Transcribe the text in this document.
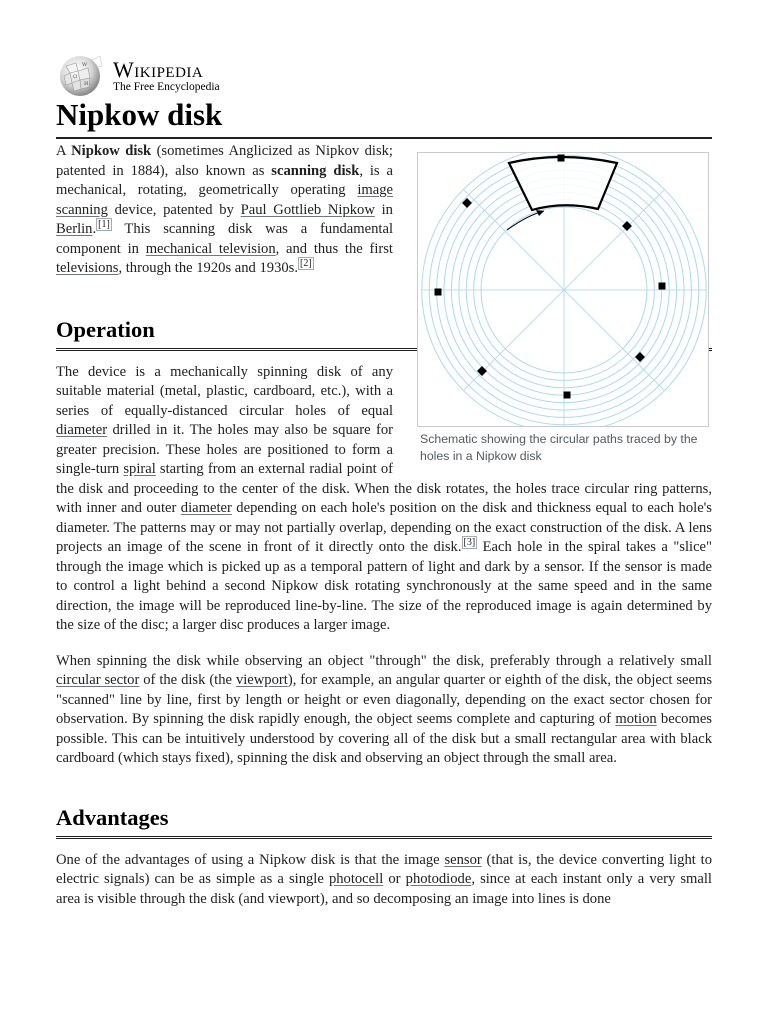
W
Ω
И
Wikipedia
The Free Encyclopedia
Nipkow disk
Schematic showing the circular paths traced by the holes in a Nipkow disk

A Nipkow disk (sometimes Anglicized as Nipkov disk; patented in 1884), also known as scanning disk, is a mechanical, rotating, geometrically operating image scanning device, patented by Paul Gottlieb Nipkow in Berlin. [1] This scanning disk was a fundamental component in mechanical television, and thus the first televisions, through the 1920s and 1930s. [2]

Operation

The device is a mechanically spinning disk of any suitable material (metal, plastic, cardboard, etc.), with a series of equally-distanced circular holes of equal diameter drilled in it. The holes may also be square for greater precision. These holes are positioned to form a single-turn spiral starting from an external radial point of the disk and proceeding to the center of the disk. When the disk rotates, the holes trace circular ring patterns, with inner and outer diameter depending on each hole's position on the disk and thickness equal to each hole's diameter. The patterns may or may not partially overlap, depending on the exact construction of the disk. A lens projects an image of the scene in front of it directly onto the disk. [3] Each hole in the spiral takes a "slice" through the image which is picked up as a temporal pattern of light and dark by a sensor. If the sensor is made to control a light behind a second Nipkow disk rotating synchronously at the same speed and in the same direction, the image will be reproduced line-by-line. The size of the reproduced image is again determined by the size of the disc; a larger disc produces a larger image.

When spinning the disk while observing an object "through" the disk, preferably through a relatively small circular sector of the disk (the viewport), for example, an angular quarter or eighth of the disk, the object seems "scanned" line by line, first by length or height or even diagonally, depending on the exact sector chosen for observation. By spinning the disk rapidly enough, the object seems complete and capturing of motion becomes possible. This can be intuitively understood by covering all of the disk but a small rectangular area with black cardboard (which stays fixed), spinning the disk and observing an object through the small area.

Advantages

One of the advantages of using a Nipkow disk is that the image sensor (that is, the device converting light to electric signals) can be as simple as a single photocell or photodiode, since at each instant only a very small area is visible through the disk (and viewport), and so decomposing an image into lines is done
